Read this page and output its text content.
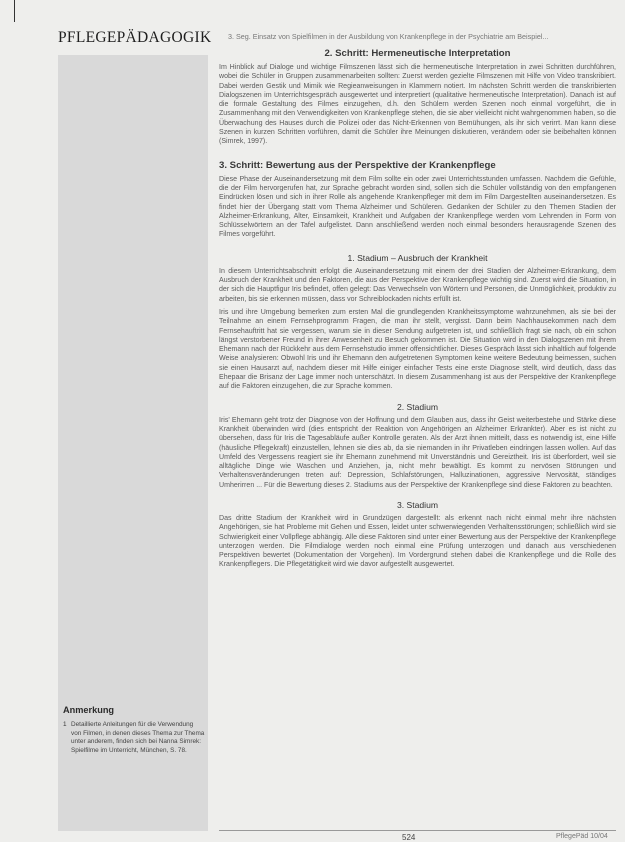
PFLEGEPÄDAGOGIK 3. Seg. Einsatz von Spielfilmen in der Ausbildung von Krankenpflege in der Psychiatrie am Beispiel...
2. Schritt: Hermeneutische Interpretation

Im Hinblick auf Dialoge und wichtige Filmszenen lässt sich die hermeneutische Interpretation in zwei Schritten durchführen, wobei die Schüler in Gruppen zusammenarbeiten sollten: Zuerst werden gezielte Filmszenen mit Hilfe von Video transkribiert. Dabei werden Gestik und Mimik wie Regieanweisungen in Klammern notiert. Im nächsten Schritt werden die transkribierten Dialogszenen im Unterrichtsgespräch ausgewertet und interpretiert (qualitative hermeneutische Interpretation). Danach ist auf die formale Gestaltung des Filmes einzugehen, d.h. den Schülern werden Szenen noch einmal vorgeführt, die in Zusammenhang mit den Verwendigkeiten von Krankenpflege stehen, die sie aber vielleicht nicht wahrgenommen haben, so die Überwachung des Hauses durch die Polizei oder das Nicht-Erkennen von Bemühungen, als ihr sich verirrt. Man kann diese Szenen in kurzen Schritten vorführen, damit die Schüler ihre Meinungen diskutieren, verändern oder sie beibehalten können (Simrek, 1997).

3. Schritt: Bewertung aus der Perspektive der Krankenpflege

Diese Phase der Auseinandersetzung mit dem Film sollte ein oder zwei Unterrichtsstunden umfassen. Nachdem die Gefühle, die der Film hervorgerufen hat, zur Sprache gebracht worden sind, sollen sich die Schüler vollständig von den empfangenen Eindrücken lösen und sich in ihrer Rolle als angehende Krankenpfleger mit dem im Film Dargestellten auseinandersetzen. Es findet hier der Übergang statt vom Thema Alzheimer und Schüleren. Gedanken der Schüler zu den Themen Stadien der Alzheimer-Erkrankung, Alter, Einsamkeit, Krankheit und Aufgaben der Krankenpflege werden vom Lehrenden in Form von Schlüsselwörtern an der Tafel aufgelistet. Dann anschließend werden noch einmal besonders herausragende Szenen des Filmes vorgeführt.

1. Stadium – Ausbruch der Krankheit

In diesem Unterrichtsabschnitt erfolgt die Auseinandersetzung mit einem der drei Stadien der Alzheimer-Erkrankung, dem Ausbruch der Krankheit und den Faktoren, die aus der Perspektive der Krankenpflege wichtig sind. Zuerst wird die Situation, in der sich die Hauptfigur Iris befindet, offen gelegt: Das Verwechseln von Wörtern und Personen, die Unmöglichkeit, produktiv zu arbeiten, bis sie erkennen müssen, dass vor Schreiblockaden nichts erfüllt ist.

Iris und ihre Umgebung bemerken zum ersten Mal die grundlegenden Krankheitssymptome wahrzunehmen, als sie bei der Teilnahme an einem Fernsehprogramm Fragen, die man ihr stellt, vergisst. Dann beim Nachhausekommen nach dem Fernsehauftritt hat sie vergessen, warum sie in dieser Sendung aufgetreten ist, und schließlich fragt sie nach, ob ein schon längst verstorbener Freund in ihrer Anwesenheit zu Besuch gekommen ist. Die Situation wird in den Dialogszenen mit ihrem Ehemann nach der Rückkehr aus dem Fernsehstudio immer offensichtlicher. Dieses Gespräch lässt sich inhaltlich auf folgende Weise analysieren: Obwohl Iris und ihr Ehemann den aufgetretenen Symptomen keine weitere Bedeutung beimessen, suchen sie einen Hausarzt auf, nachdem dieser mit Hilfe einiger einfacher Tests eine erste Diagnose stellt, wird deutlich, dass das Ehepaar die Brisanz der Lage immer noch unterschätzt. In diesem Zusammenhang ist aus der Perspektive der Krankenpflege auf die Faktoren einzugehen, die zur Sprache kommen.

2. Stadium

Iris' Ehemann geht trotz der Diagnose von der Hoffnung und dem Glauben aus, dass ihr Geist weiterbestehe und Stärke diese Krankheit überwinden wird (dies entspricht der Reaktion von Angehörigen an Alzheimer Erkrankter). Aber es ist nicht zu übersehen, dass für Iris die Tagesabläufe außer Kontrolle geraten. Als der Arzt ihnen mitteilt, dass es notwendig ist, eine Hilfe (häusliche Pflegekraft) einzustellen, lehnen sie dies ab, da sie niemanden in ihr Privatleben eindringen lassen wollen. Auf das Umfeld des Vergessens reagiert sie ihr Ehemann zunehmend mit Unverständnis und Gereiztheit. Iris ist überfordert, weil sie alltägliche Dinge wie Waschen und Anziehen, ja, nicht mehr bewältigt. Es kommt zu nervösen Störungen und Verhaltensveränderungen treten auf: Depression, Schlafstörungen, Halluzinationen, aggressive Nervosität, ständiges Umherirren ... Für die Bewertung dieses 2. Stadiums aus der Perspektive der Krankenpflege sind diese Faktoren zu beachten.

3. Stadium

Das dritte Stadium der Krankheit wird in Grundzügen dargestellt: als erkennt nach nicht einmal mehr ihre nächsten Angehörigen, sie hat Probleme mit Gehen und Essen, leidet unter schwerwiegenden Verhaltensstörungen; schließlich wird sie Schwierigkeit einer Vollpflege abhängig. Alle diese Faktoren sind unter einer Bewertung aus der Perspektive der Krankenpflege unterzogen werden. Die Filmdialoge werden noch einmal eine Prüfung unterzogen und danach aus verschiedenen Perspektiven bewertet (Dokumentation der Vorgehen). Im Vordergrund stehen dabei die Krankenpflege und die Rolle des Krankenpflegers. Die Pflegetätigkeit wird wie davor aufgestellt ausgewertet.

Anmerkung
1 Detaillierte Anleitungen für die Verwendung von Filmen, in denen dieses Thema zur Thema unter anderem, finden sich bei Nanna Simrek: Spielfilme im Unterricht, München, S. 78.
524	PflegePäd 10/04
